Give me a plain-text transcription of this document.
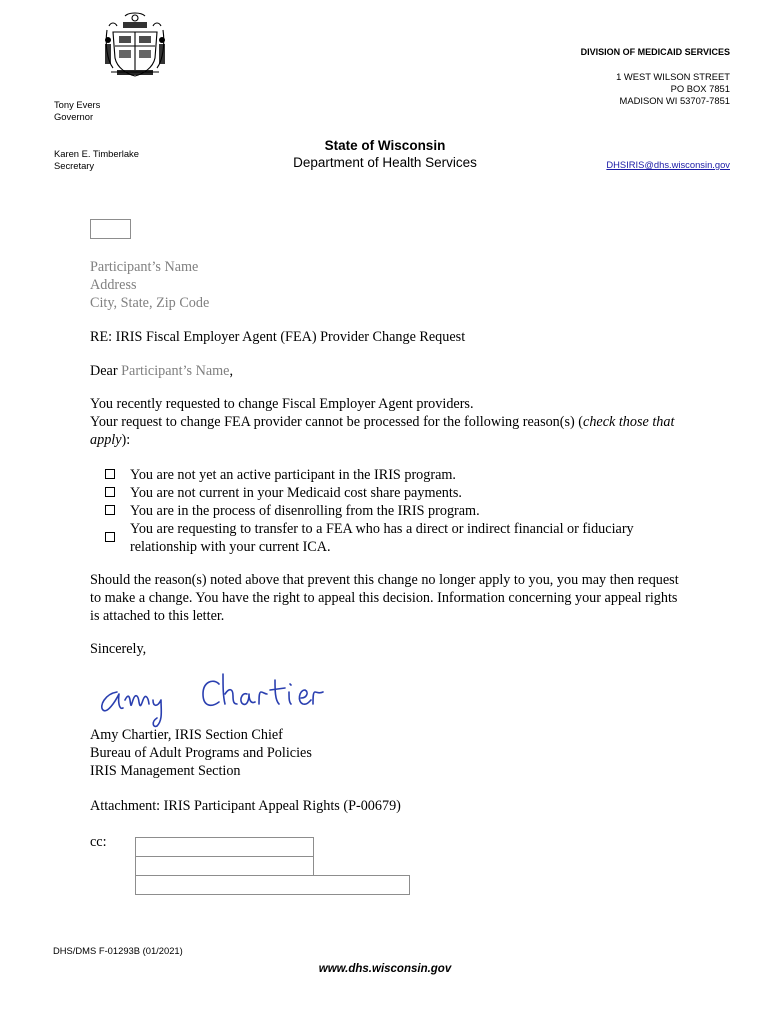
DIVISION OF MEDICAID SERVICES
1 WEST WILSON STREET
PO BOX 7851
MADISON WI 53707-7851
DHSIRIS@dhs.wisconsin.gov
Tony Evers
Governor
Karen E. Timberlake
Secretary
State of Wisconsin
Department of Health Services
Participant’s Name
Address
City, State, Zip Code
RE: IRIS Fiscal Employer Agent (FEA) Provider Change Request
Dear Participant’s Name,
You recently requested to change Fiscal Employer Agent providers.
Your request to change FEA provider cannot be processed for the following reason(s) (check those that apply):
You are not yet an active participant in the IRIS program.
You are not current in your Medicaid cost share payments.
You are in the process of disenrolling from the IRIS program.
You are requesting to transfer to a FEA who has a direct or indirect financial or fiduciary relationship with your current ICA.
Should the reason(s) noted above that prevent this change no longer apply to you, you may then request to make a change. You have the right to appeal this decision. Information concerning your appeal rights is attached to this letter.
Sincerely,
Amy Chartier, IRIS Section Chief
Bureau of Adult Programs and Policies
IRIS Management Section
Attachment: IRIS Participant Appeal Rights (P-00679)
cc:
DHS/DMS F-01293B (01/2021)
www.dhs.wisconsin.gov
